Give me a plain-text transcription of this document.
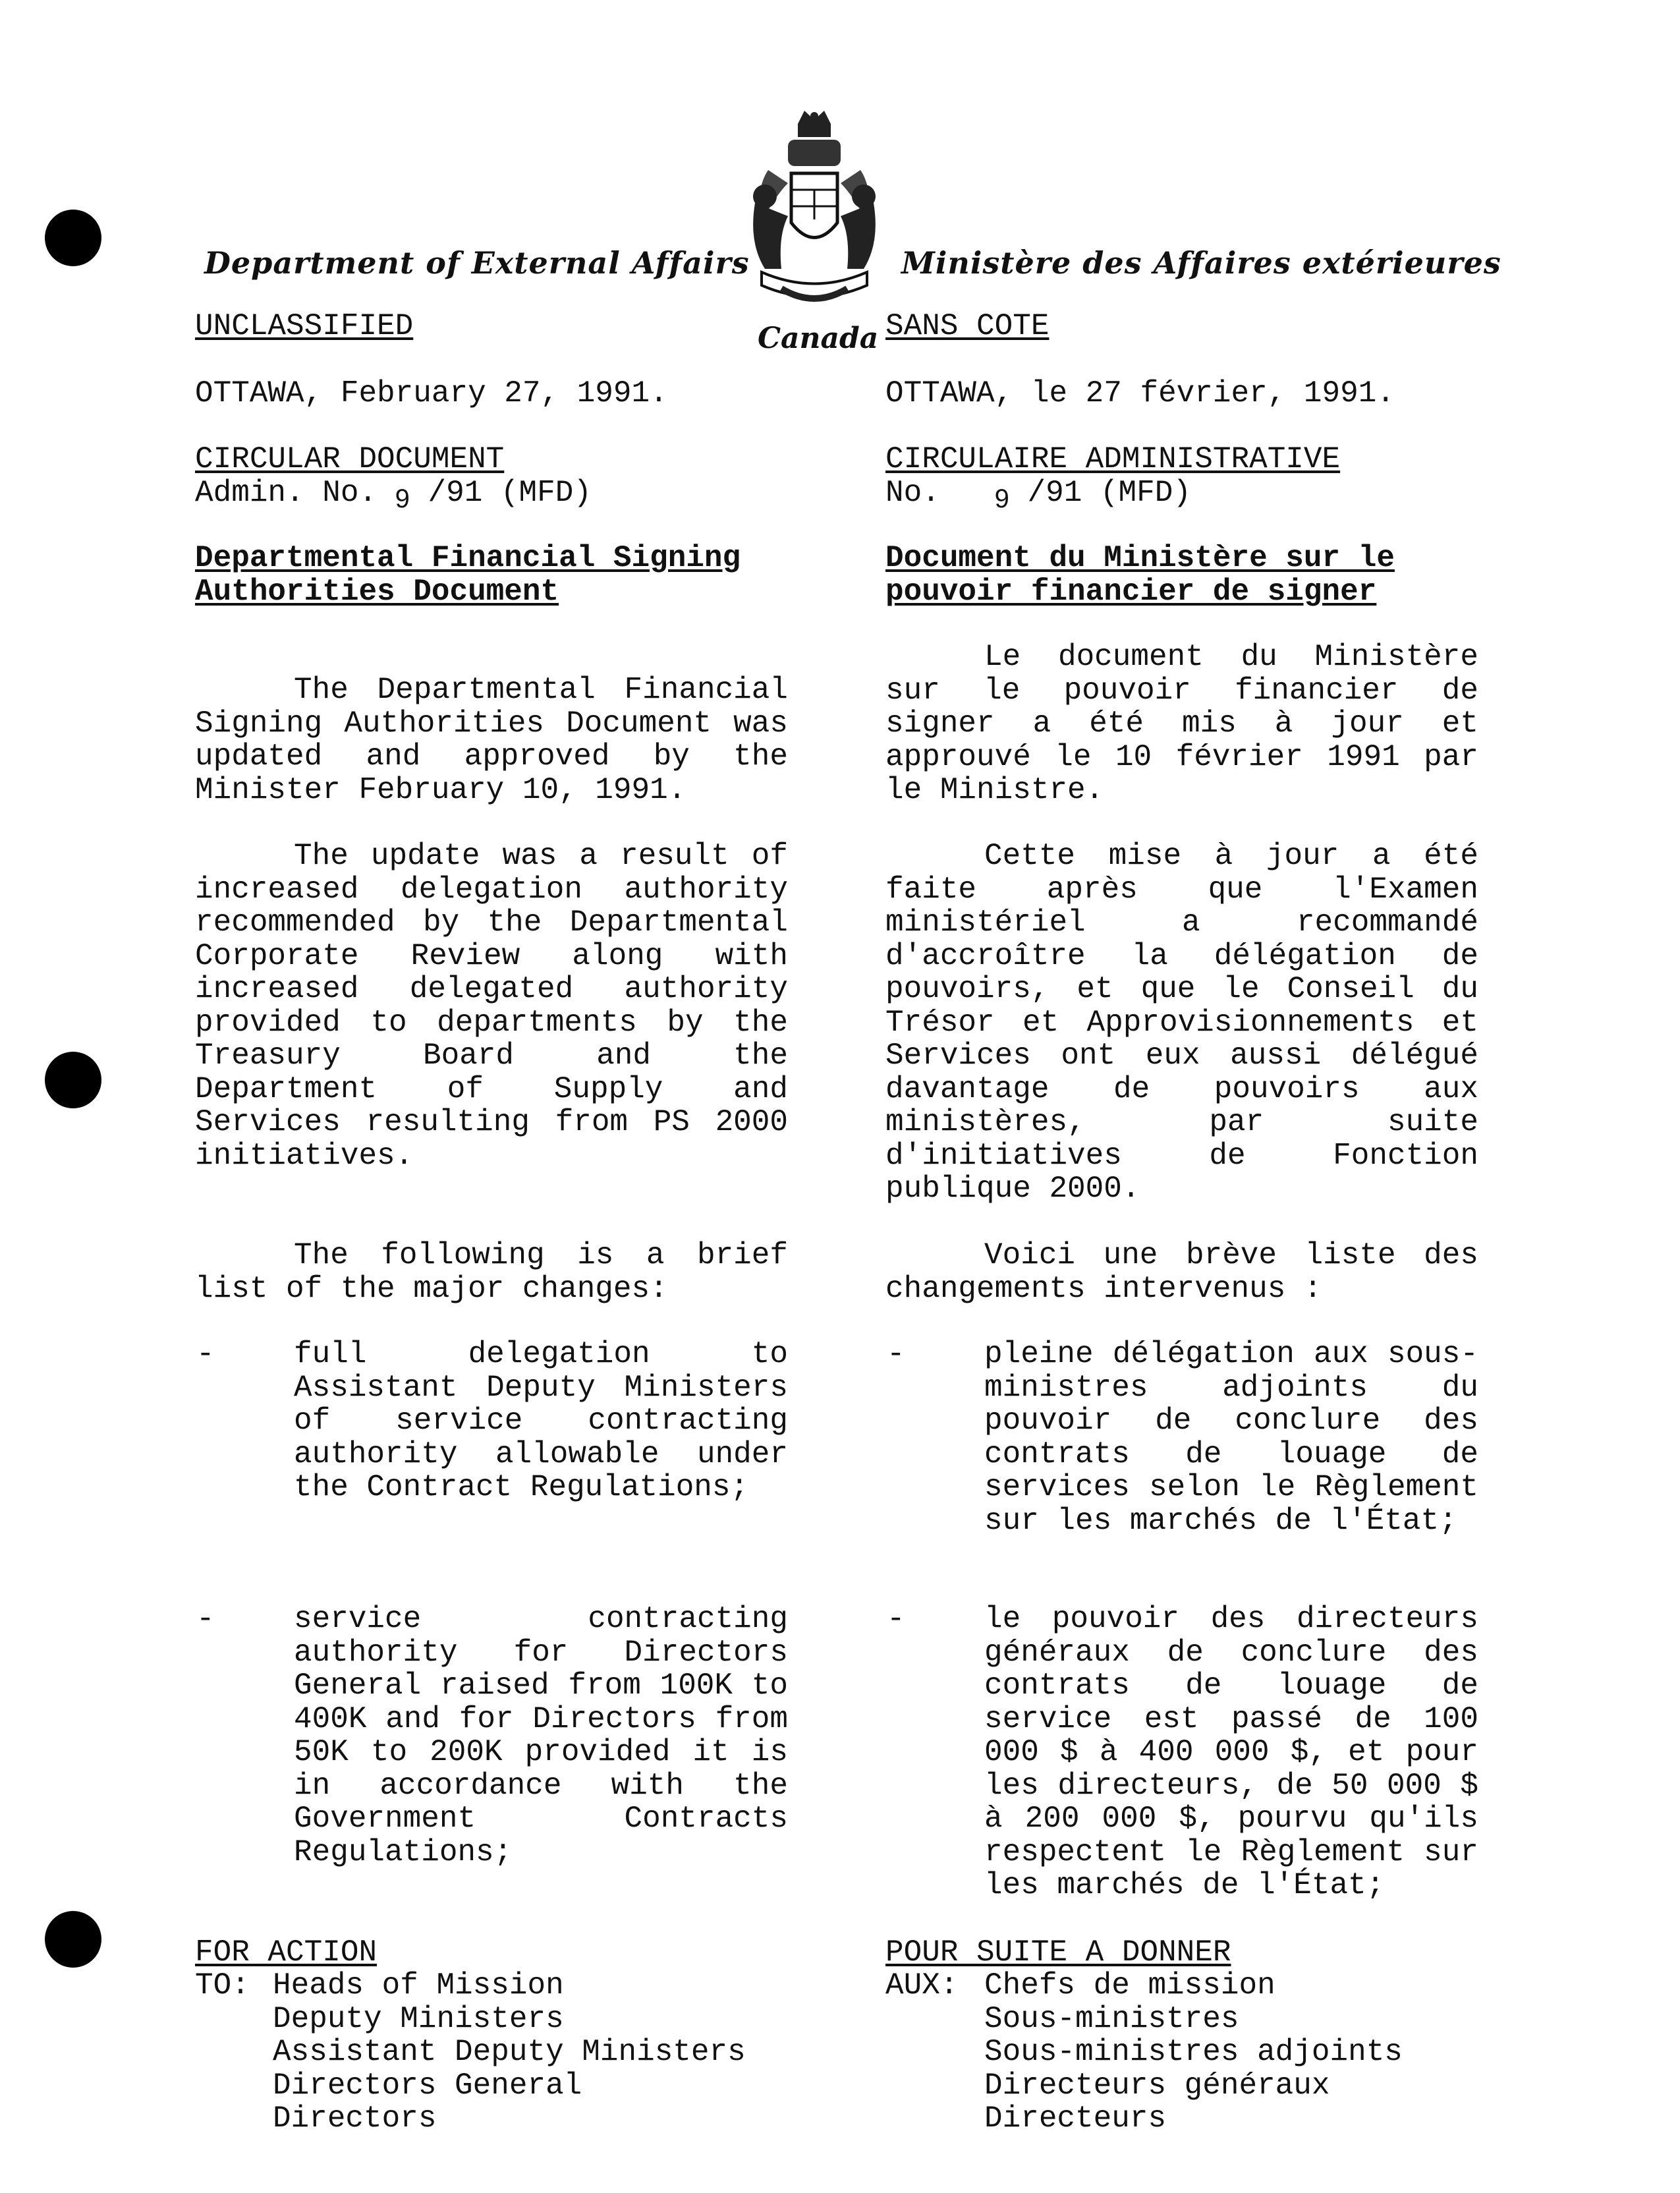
Department of External Affairs
Canada
Ministère des Affaires extérieures
UNCLASSIFIED
OTTAWA, February 27, 1991.
CIRCULAR DOCUMENT
Admin. No. 9 /91 (MFD)
Departmental Financial Signing
Authorities Document
The Departmental Financial Signing Authorities Document was updated and approved by the Minister February 10, 1991.
The update was a result of increased delegation authority recommended by the Departmental Corporate Review along with increased delegated authority provided to departments by the Treasury Board and the Department of Supply and Services resulting from PS 2000 initiatives.
The following is a brief list of the major changes:
-	full delegation to Assistant Deputy Ministers of service contracting authority allowable under the Contract Regulations;
-	service contracting authority for Directors General raised from 100K to 400K and for Directors from 50K to 200K provided it is in accordance with the Government Contracts Regulations;
FOR ACTION
TO: Heads of Mission
Deputy Ministers
Assistant Deputy Ministers
Directors General
Directors
SANS COTE
OTTAWA, le 27 février, 1991.
CIRCULAIRE ADMINISTRATIVE
No. 9 /91 (MFD)
Document du Ministère sur le
pouvoir financier de signer
Le document du Ministère sur le pouvoir financier de signer a été mis à jour et approuvé le 10 février 1991 par le Ministre.
Cette mise à jour a été faite après que l'Examen ministériel a recommandé d'accroître la délégation de pouvoirs, et que le Conseil du Trésor et Approvisionnements et Services ont eux aussi délégué davantage de pouvoirs aux ministères, par suite d'initiatives de Fonction publique 2000.
Voici une brève liste des changements intervenus :
-	pleine délégation aux sous-ministres adjoints du pouvoir de conclure des contrats de louage de services selon le Règlement sur les marchés de l'État;
-	le pouvoir des directeurs généraux de conclure des contrats de louage de service est passé de 100 000 $ à 400 000 $, et pour les directeurs, de 50 000 $ à 200 000 $, pourvu qu'ils respectent le Règlement sur les marchés de l'État;
POUR SUITE A DONNER
AUX: Chefs de mission
Sous-ministres
Sous-ministres adjoints
Directeurs généraux
Directeurs
